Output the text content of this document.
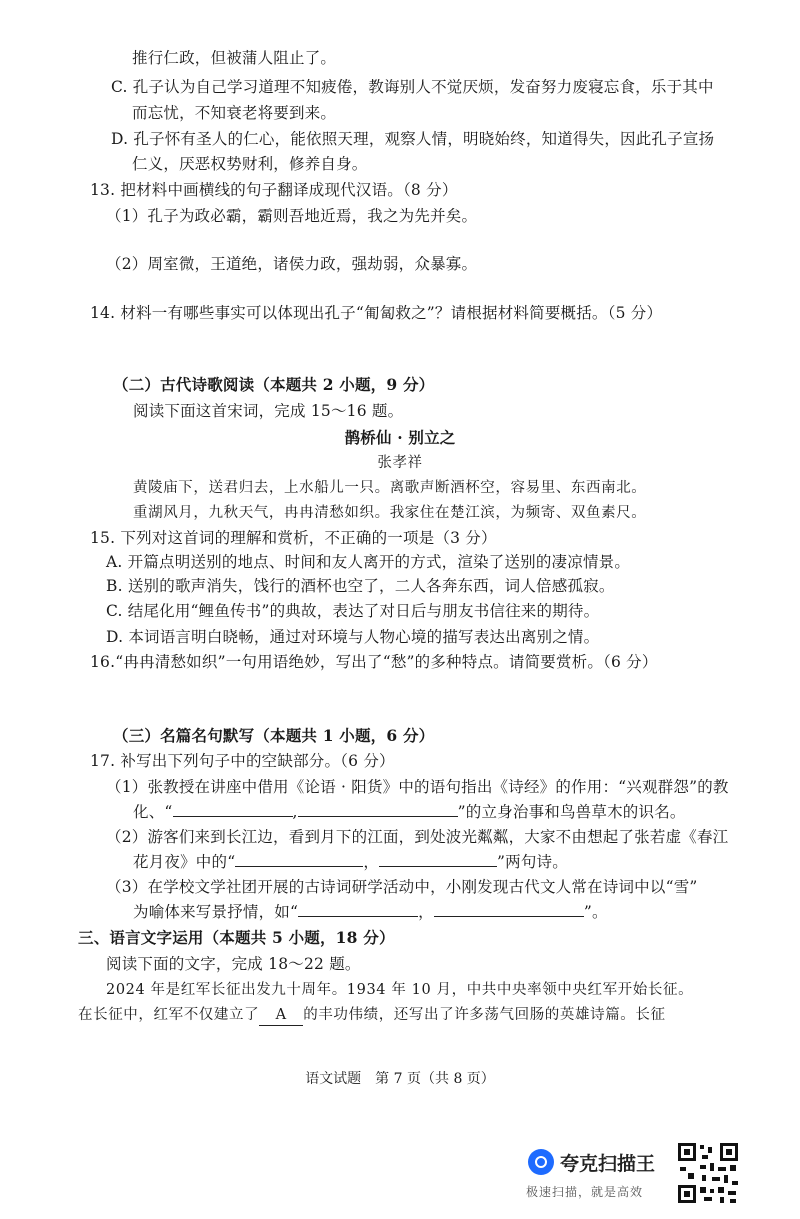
推行仁政，但被蒲人阻止了。
C. 孔子认为自己学习道理不知疲倦，教诲别人不觉厌烦，发奋努力废寝忘食，乐于其中
而忘忧，不知衰老将要到来。
D. 孔子怀有圣人的仁心，能依照天理，观察人情，明晓始终，知道得失，因此孔子宣扬
仁义，厌恶权势财利，修养自身。
13. 把材料中画横线的句子翻译成现代汉语。（8 分）
（1）孔子为政必霸，霸则吾地近焉，我之为先并矣。
（2）周室微，王道绝，诸侯力政，强劫弱，众暴寡。
14. 材料一有哪些事实可以体现出孔子“匍匐救之”？请根据材料简要概括。（5 分）
（二）古代诗歌阅读（本题共 2 小题，9 分）
阅读下面这首宋词，完成 15～16 题。
鹊桥仙 · 别立之
张孝祥
黄陵庙下，送君归去，上水船儿一只。离歌声断酒杯空，容易里、东西南北。
重湖风月，九秋天气，冉冉清愁如织。我家住在楚江滨，为频寄、双鱼素尺。
15. 下列对这首词的理解和赏析，不正确的一项是（3 分）
A. 开篇点明送别的地点、时间和友人离开的方式，渲染了送别的凄凉情景。
B. 送别的歌声消失，饯行的酒杯也空了，二人各奔东西，词人倍感孤寂。
C. 结尾化用“鲤鱼传书”的典故，表达了对日后与朋友书信往来的期待。
D. 本词语言明白晓畅，通过对环境与人物心境的描写表达出离别之情。
16.“冉冉清愁如织”一句用语绝妙，写出了“愁”的多种特点。请简要赏析。（6 分）
（三）名篇名句默写（本题共 1 小题，6 分）
17. 补写出下列句子中的空缺部分。（6 分）
（1）张教授在讲座中借用《论语 · 阳货》中的语句指出《诗经》的作用：“兴观群怨”的教
化、“	,	”的立身治事和鸟兽草木的识名。
（2）游客们来到长江边，看到月下的江面，到处波光粼粼，大家不由想起了张若虚《春江
花月夜》中的“	，	”两句诗。
（3）在学校文学社团开展的古诗词研学活动中，小刚发现古代文人常在诗词中以“雪”
为喻体来写景抒情，如“	，	”。
三、语言文字运用（本题共 5 小题，18 分）
阅读下面的文字，完成 18～22 题。
2024 年是红军长征出发九十周年。1934 年 10 月，中共中央率领中央红军开始长征。
在长征中，红军不仅建立了 A 的丰功伟绩，还写出了许多荡气回肠的英雄诗篇。长征
语文试题　第 7 页（共 8 页）
夸克扫描王
极速扫描，就是高效
